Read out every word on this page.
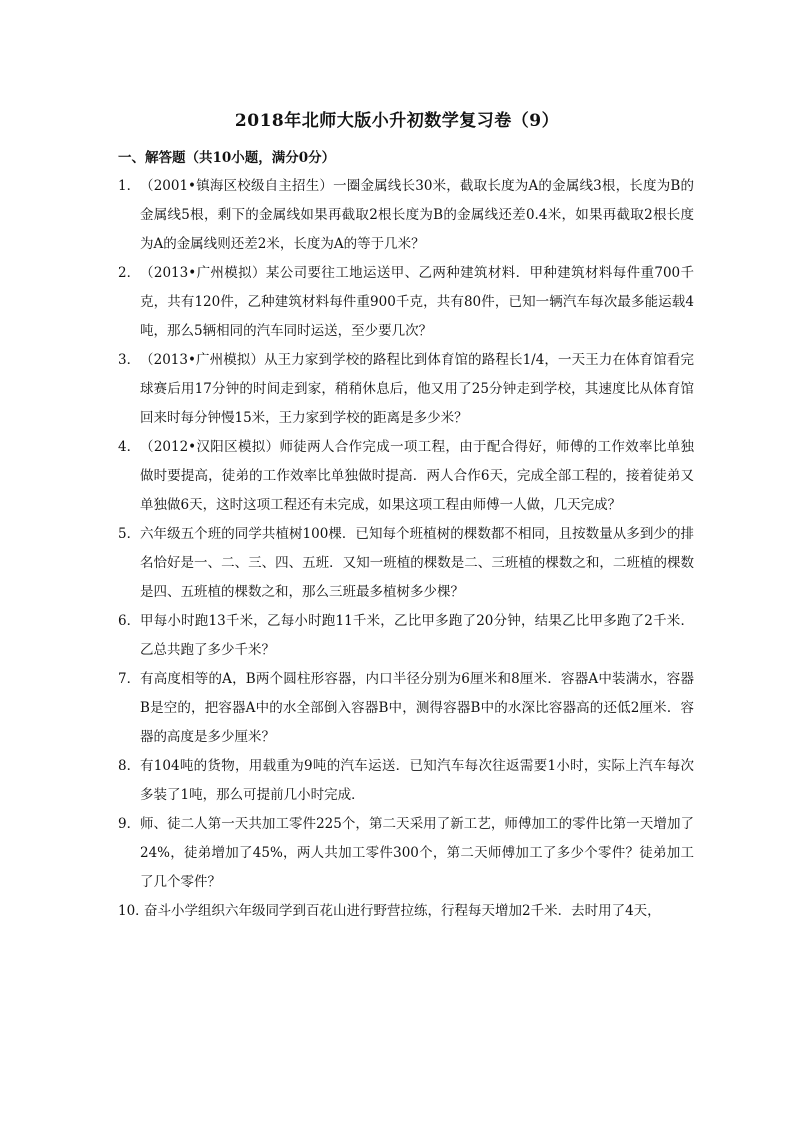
2018年北师大版小升初数学复习卷（9）
一、解答题（共10小题，满分0分）
1． （2001•镇海区校级自主招生）一圈金属线长30米，截取长度为A的金属线3根，长度为B的金属线5根，剩下的金属线如果再截取2根长度为B的金属线还差0.4米，如果再截取2根长度为A的金属线则还差2米，长度为A的等于几米？
2． （2013•广州模拟）某公司要往工地运送甲、乙两种建筑材料．甲种建筑材料每件重700千克，共有120件，乙种建筑材料每件重900千克，共有80件，已知一辆汽车每次最多能运载4吨，那么5辆相同的汽车同时运送，至少要几次？
3． （2013•广州模拟）从王力家到学校的路程比到体育馆的路程长1/4，一天王力在体育馆看完球赛后用17分钟的时间走到家，稍稍休息后，他又用了25分钟走到学校，其速度比从体育馆回来时每分钟慢15米，王力家到学校的距离是多少米？
4． （2012•汉阳区模拟）师徒两人合作完成一项工程，由于配合得好，师傅的工作效率比单独做时要提高，徒弟的工作效率比单独做时提高．两人合作6天，完成全部工程的，接着徒弟又单独做6天，这时这项工程还有未完成，如果这项工程由师傅一人做，几天完成？
5． 六年级五个班的同学共植树100棵．已知每个班植树的棵数都不相同，且按数量从多到少的排名恰好是一、二、三、四、五班．又知一班植的棵数是二、三班植的棵数之和，二班植的棵数是四、五班植的棵数之和，那么三班最多植树多少棵？
6． 甲每小时跑13千米，乙每小时跑11千米，乙比甲多跑了20分钟，结果乙比甲多跑了2千米．乙总共跑了多少千米？
7． 有高度相等的A，B两个圆柱形容器，内口半径分别为6厘米和8厘米．容器A中装满水，容器B是空的，把容器A中的水全部倒入容器B中，测得容器B中的水深比容器高的还低2厘米．容器的高度是多少厘米？
8． 有104吨的货物，用载重为9吨的汽车运送．已知汽车每次往返需要1小时，实际上汽车每次多装了1吨，那么可提前几小时完成．
9． 师、徒二人第一天共加工零件225个，第二天采用了新工艺，师傅加工的零件比第一天增加了24%，徒弟增加了45%，两人共加工零件300个，第二天师傅加工了多少个零件？徒弟加工了几个零件？
10．
奋斗小学组织六年级同学到百花山进行野营拉练，行程每天增加2千米．去时用了4天，
